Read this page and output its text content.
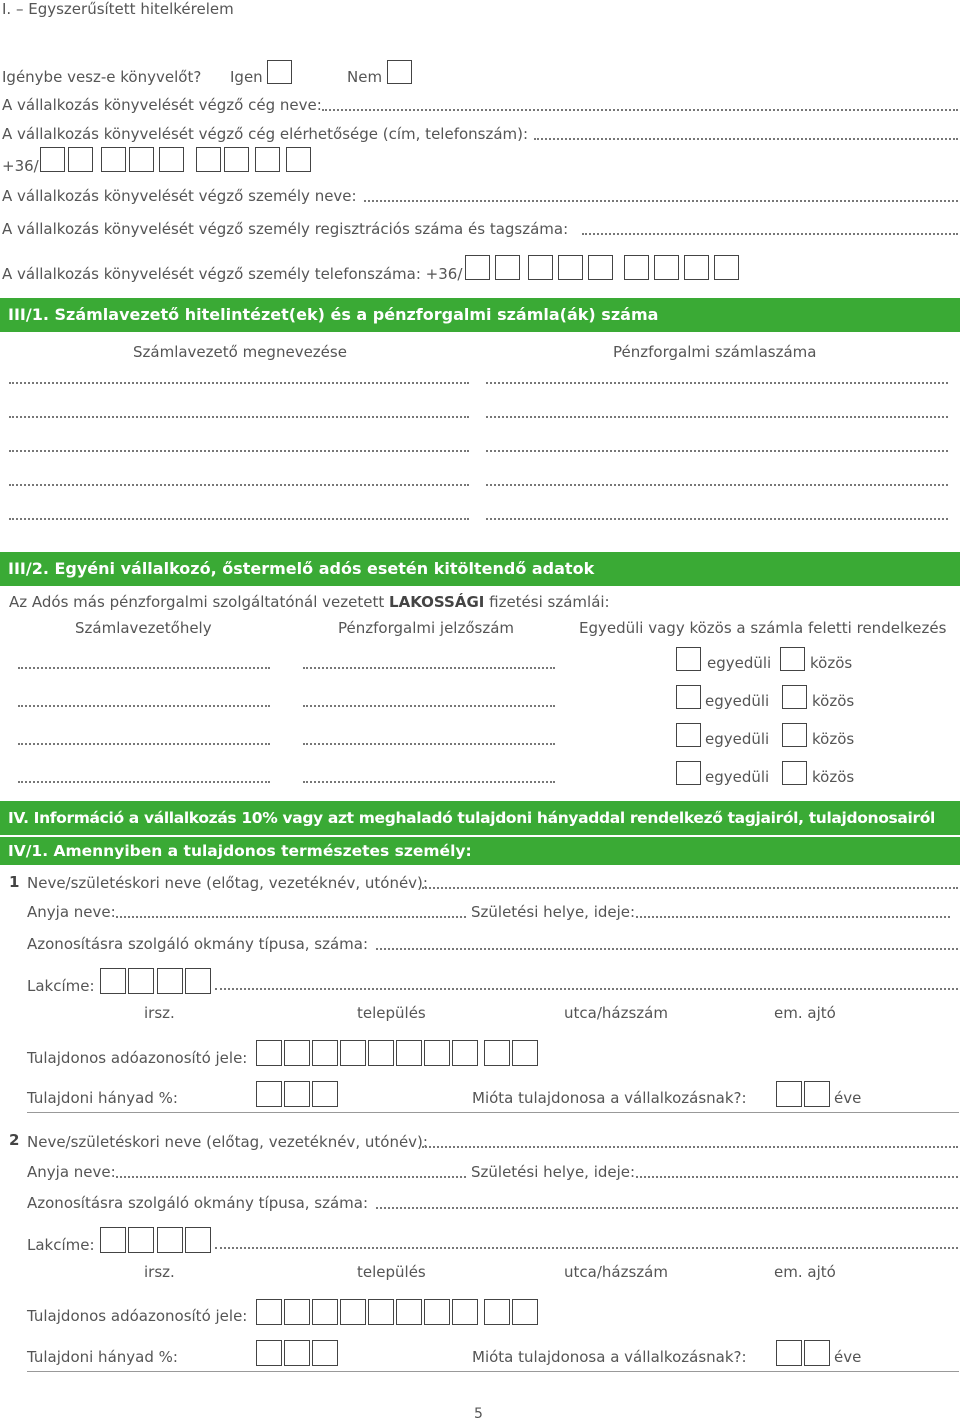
I. – Egyszerűsített hitelkérelem
Igénybe vesz-e könyvelőt? Igen	Nem
A vállalkozás könyvelését végző cég neve:
A vállalkozás könyvelését végző cég elérhetősége (cím, telefonszám):
+36/
A vállalkozás könyvelését végző személy neve:
A vállalkozás könyvelését végző személy regisztrációs száma és tagszáma:
A vállalkozás könyvelését végző személy telefonszáma: +36/
III/1. Számlavezető hitelintézet(ek) és a pénzforgalmi számla(ák) száma
Számlavezető megnevezése	Pénzforgalmi számlaszáma
III/2. Egyéni vállalkozó, őstermelő adós esetén kitöltendő adatok
Az Adós más pénzforgalmi szolgáltatónál vezetett LAKOSSÁGI fizetési számlái:
Számlavezetőhely	Pénzforgalmi jelzőszám	Egyedüli vagy közös a számla feletti rendelkezés
egyedüli	közös
egyedüli	közös
egyedüli	közös
egyedüli	közös
IV. Információ a vállalkozás 10% vagy azt meghaladó tulajdoni hányaddal rendelkező tagjairól, tulajdonosairól
IV/1. Amennyiben a tulajdonos természetes személy:
1 Neve/születéskori neve (előtag, vezetéknév, utónév):
Anyja neve:	Születési helye, ideje:
Azonosításra szolgáló okmány típusa, száma:
Lakcíme:
irsz.	település	utca/házszám	em. ajtó
Tulajdonos adóazonosító jele:
Tulajdoni hányad %:	Mióta tulajdonosa a vállalkozásnak?:	éve
2 Neve/születéskori neve (előtag, vezetéknév, utónév):
Anyja neve:	Születési helye, ideje:
Azonosításra szolgáló okmány típusa, száma:
Lakcíme:
irsz.	település	utca/házszám	em. ajtó
Tulajdonos adóazonosító jele:
Tulajdoni hányad %:	Mióta tulajdonosa a vállalkozásnak?:	éve
5
